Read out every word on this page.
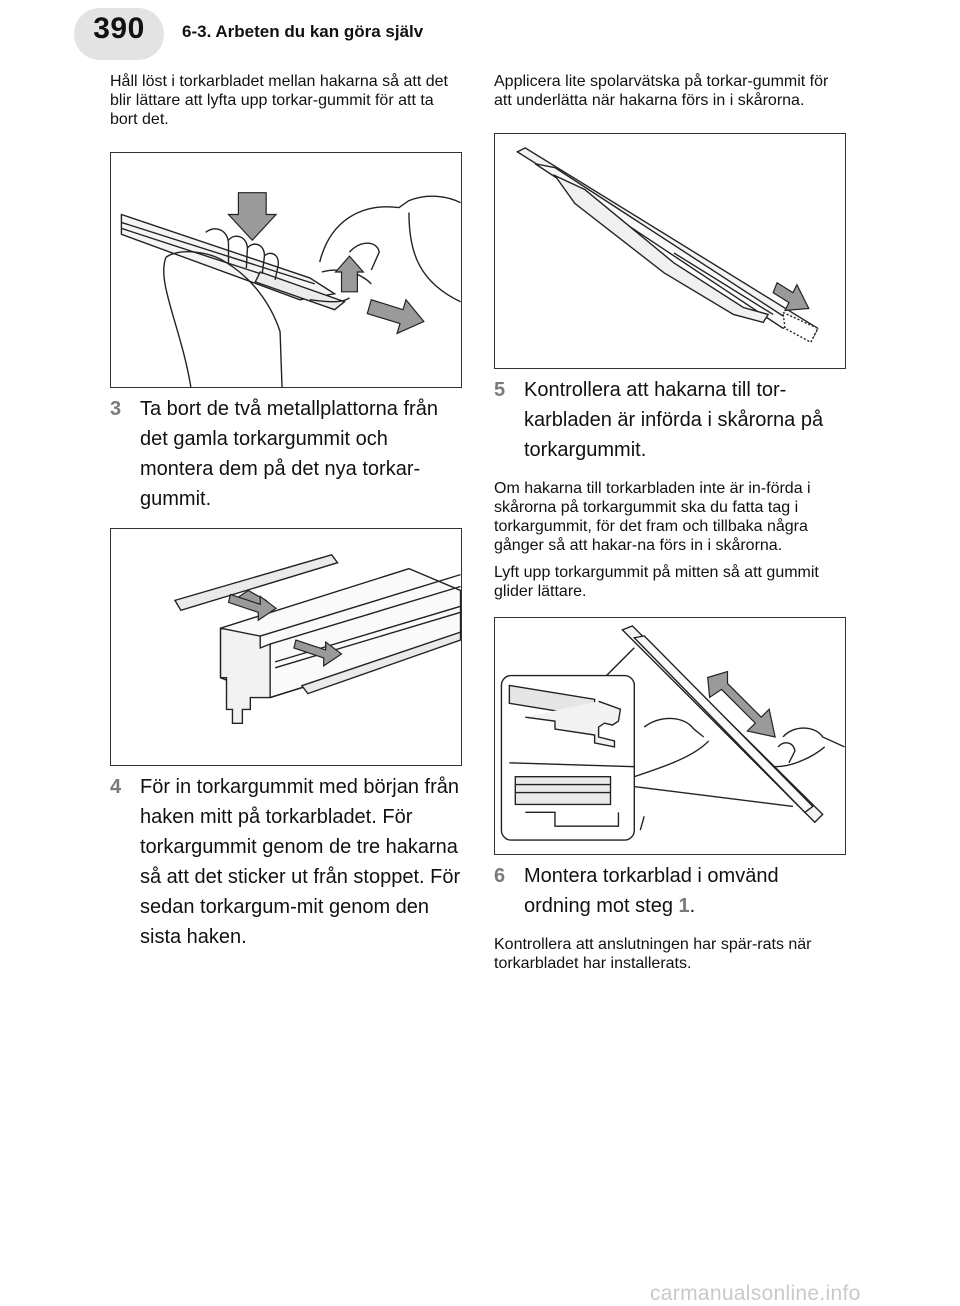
390	6-3. Arbeten du kan göra själv

Håll löst i torkarbladet mellan hakarna så att det blir lättare att lyfta upp torkar-gummit för att ta bort det.

3 Ta bort de två metallplattorna från det gamla torkargummit och montera dem på det nya torkar-gummit.
4 För in torkargummit med början från haken mitt på torkarbladet. För torkargummit genom de tre hakarna så att det sticker ut från stoppet. För sedan torkargum-mit genom den sista haken.

Applicera lite spolarvätska på torkar-gummit för att underlätta när hakarna förs in i skårorna.

5 Kontrollera att hakarna till tor-karbladen är införda i skårorna på torkargummit.

Om hakarna till torkarbladen inte är in-förda i skårorna på torkargummit ska du fatta tag i torkargummit, för det fram och tillbaka några gånger så att hakar-na förs in i skårorna.

Lyft upp torkargummit på mitten så att gummit glider lättare.

6 Montera torkarblad i omvänd ordning mot steg 1.

Kontrollera att anslutningen har spär-rats när torkarbladet har installerats.

carmanualsonline.info
